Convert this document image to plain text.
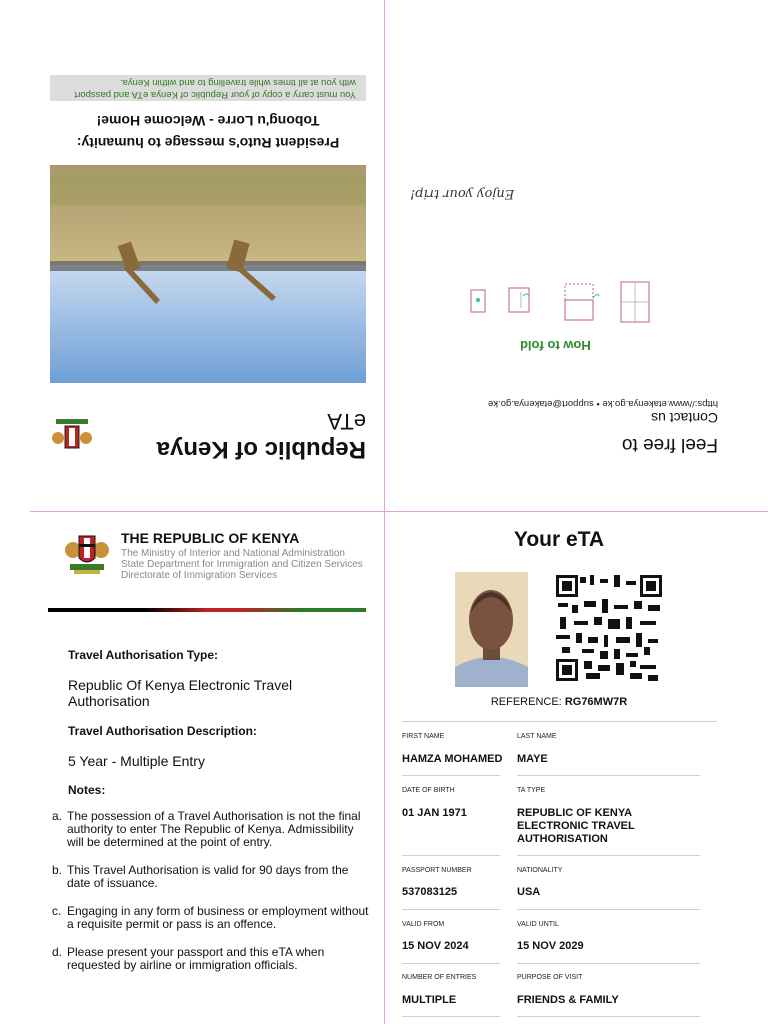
You must carry a copy of your Republic of Kenya eTA and passport with you at all times while travelling to and within Kenya.
President Ruto's message to humanity:
Tobong'u Lorre - Welcome Home!
Republic of Kenya
eTA
Feel free to
Contact us
https://www.etakenya.go.ke • support@etakenya.go.ke
How to fold
Enjoy your trip!
THE REPUBLIC OF KENYA
The Ministry of Interior and National Administration
State Department for Immigration and Citizen Services
Directorate of Immigration Services
Travel Authorisation Type:
Republic Of Kenya Electronic Travel Authorisation
Travel Authorisation Description:
5 Year - Multiple Entry
Notes:
a. The possession of a Travel Authorisation is not the final authority to enter The Republic of Kenya. Admissibility will be determined at the point of entry.
b. This Travel Authorisation is valid for 90 days from the date of issuance.
c. Engaging in any form of business or employment without a requisite permit or pass is an offence.
d. Please present your passport and this eTA when requested by airline or immigration officials.
Your eTA
REFERENCE: RG76MW7R
FIRST NAME
HAMZA MOHAMED
LAST NAME
MAYE
DATE OF BIRTH
01 JAN 1971
TA TYPE
REPUBLIC OF KENYA ELECTRONIC TRAVEL AUTHORISATION
PASSPORT NUMBER
537083125
NATIONALITY
USA
VALID FROM
15 NOV 2024
VALID UNTIL
15 NOV 2029
NUMBER OF ENTRIES
MULTIPLE
PURPOSE OF VISIT
FRIENDS & FAMILY
